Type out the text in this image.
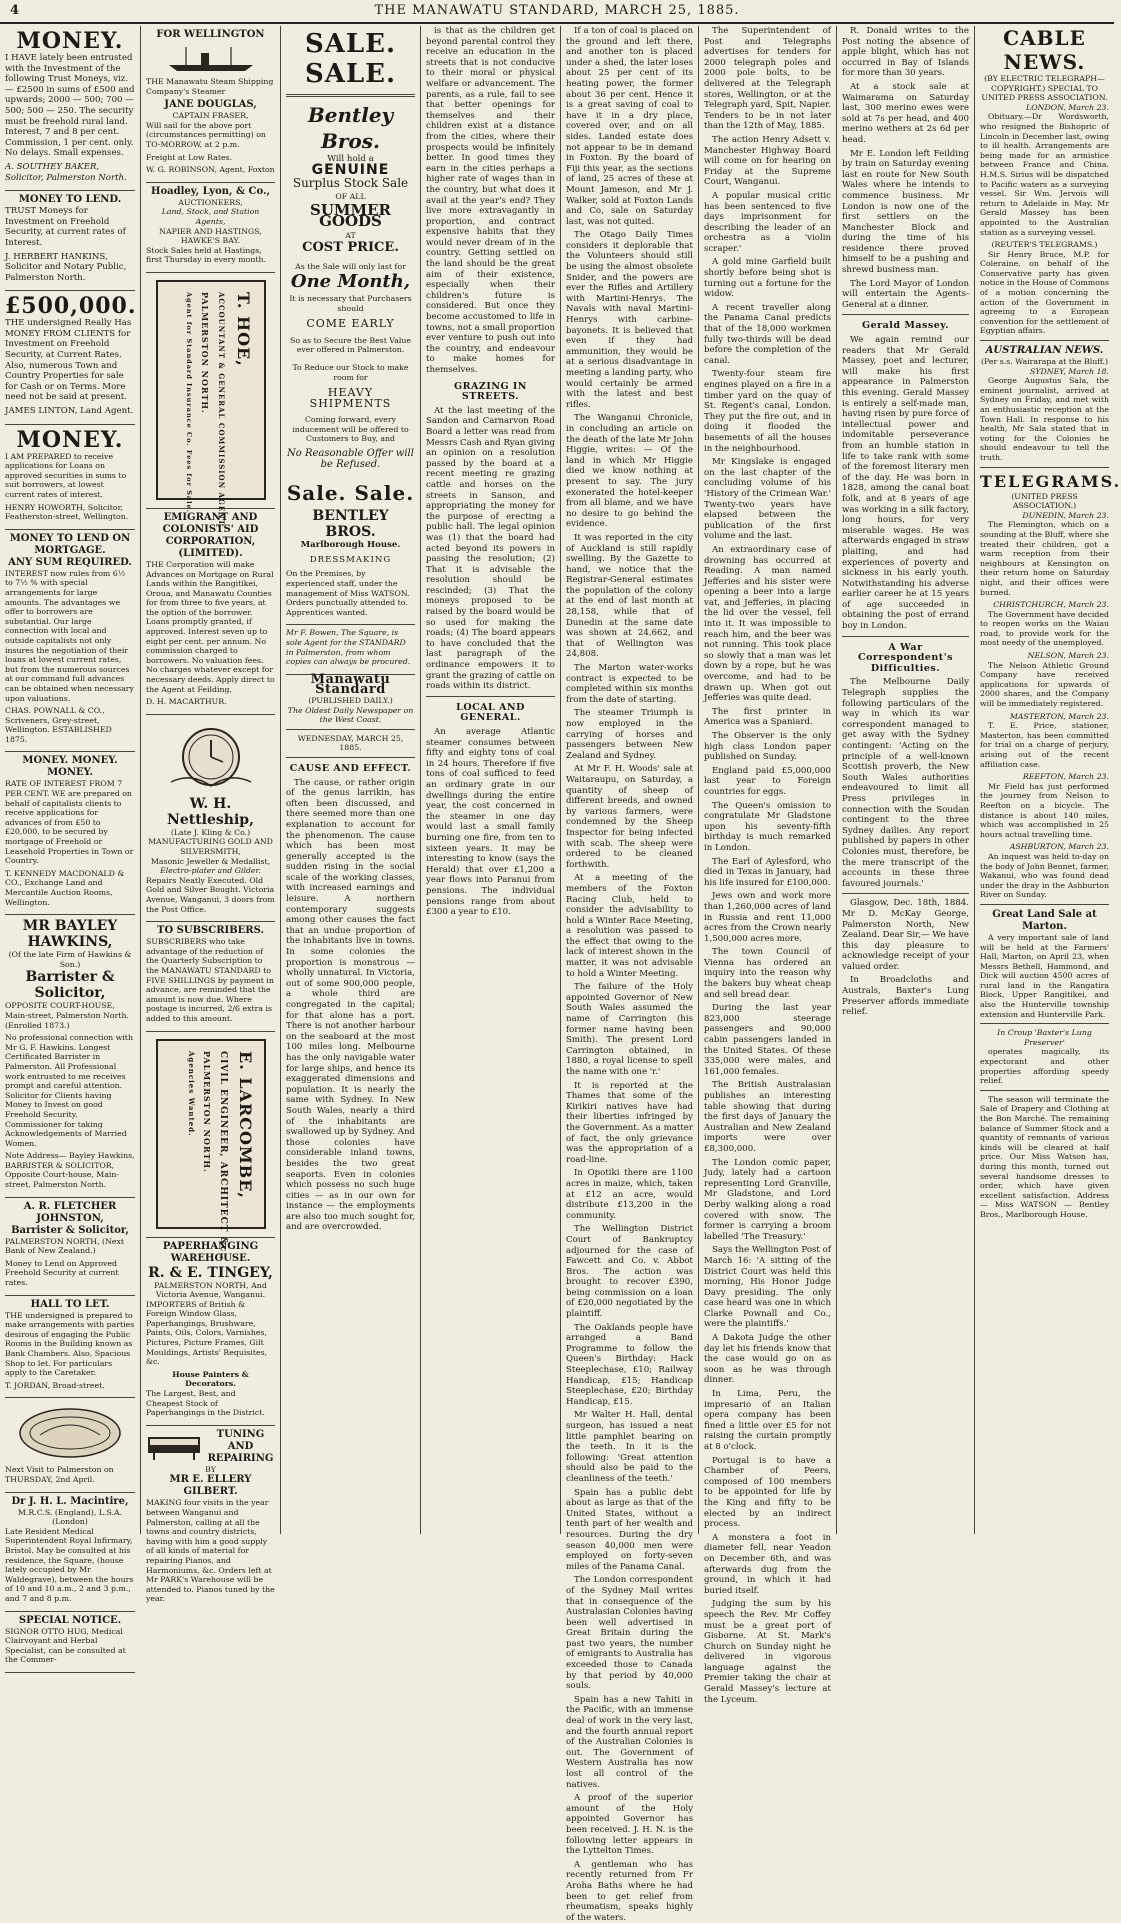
4	THE MANAWATU STANDARD, MARCH 25, 1885.
MONEY.

I HAVE lately been entrusted with the Investment of the following Trust Moneys, viz.— £2500 in sums of £500 and upwards; 2000 — 500; 700 — 500; 500 — 250. The security must be freehold rural land. Interest, 7 and 8 per cent. Commission, 1 per cent. only. No delays. Small expenses.

A. SOUTHEY BAKER, Solicitor, Palmerston North.

MONEY TO LEND.

TRUST Moneys for Investment on Freehold Security, at current rates of Interest.

J. HERBERT HANKINS, Solicitor and Notary Public, Palmerston North.

£500,000.

THE undersigned Really Has MONEY FROM CLIENTS for Investment on Freehold Security, at Current Rates. Also, numerous Town and Country Properties for sale for Cash or on Terms. More need not be said at present.

JAMES LINTON, Land Agent.

MONEY.

I AM PREPARED to receive applications for Loans on approved securities in sums to suit borrowers, at lowest current rates of interest.

HENRY HOWORTH, Solicitor, Featherston-street, Wellington.

MONEY TO LEND ON MORTGAGE.
ANY SUM REQUIRED.

INTEREST now rules from 6½ to 7½ % with special arrangements for large amounts. The advantages we offer to borrowers are substantial. Our large connection with local and outside capitalists not only insures the negotiation of their loans at lowest current rates, but from the numerous sources at our command full advances can be obtained when necessary upon valuations.

CHAS. POWNALL & CO., Scriveners, Grey-street, Wellington. ESTABLISHED 1875.

MONEY. MONEY. MONEY.

RATE OF INTEREST FROM 7 PER CENT. WE are prepared on behalf of capitalists clients to receive applications for advances of from £50 to £20,000, to be secured by mortgage of Freehold or Leasehold Properties in Town or Country.

T. KENNEDY MACDONALD & CO., Exchange Land and Mercantile Auction Rooms, Wellington.

MR BAYLEY HAWKINS,
(Of the late Firm of Hawkins & Son.)
Barrister & Solicitor,

OPPOSITE COURT-HOUSE, Main-street, Palmerston North. (Enrolled 1873.)

No professional connection with Mr G. F. Hawkins. Longest Certificated Barrister in Palmerston. All Professional work entrusted to me receives prompt and careful attention. Solicitor for Clients having Money to Invest on good Freehold Security. Commissioner for taking Acknowledgements of Married Women.

Note Address— Bayley Hawkins, BARRISTER & SOLICITOR, Opposite Court-house, Main-street, Palmerston North.

A. R. FLETCHER JOHNSTON,
Barrister & Solicitor,

PALMERSTON NORTH, (Next Bank of New Zealand.)

Money to Lend on Approved Freehold Security at current rates.

HALL TO LET.

THE undersigned is prepared to make arrangements with parties desirous of engaging the Public Rooms in the Building known as Bank Chambers. Also, Spacious Shop to let. For particulars apply to the Caretaker.

T. JORDAN, Broad-street.

Next Visit to Palmerston on THURSDAY, 2nd April.

Dr J. H. L. Macintire,
M.R.C.S. (England), L.S.A. (London)

Late Resident Medical Superintendent Royal Infirmary, Bristol. May be consulted at his residence, the Square, (house lately occupied by Mr Waldegrave), between the hours of 10 and 10 a.m., 2 and 3 p.m., and 7 and 8 p.m.

SPECIAL NOTICE.

SIGNOR OTTO HUG, Medical Clairvoyant and Herbal Specialist, can be consulted at the Commer-

FOR WELLINGTON

THE Manawatu Steam Shipping Company's Steamer

JANE DOUGLAS,
CAPTAIN FRASER,

Will sail for the above port (circumstances permitting) on TO-MORROW, at 2 p.m.

Freight at Low Rates.

W. G. ROBINSON, Agent, Foxton

Hoadley, Lyon, & Co.,
AUCTIONEERS,
Land, Stock, and Station Agents,
NAPIER AND HASTINGS, HAWKE'S BAY.

Stock Sales held at Hastings, first Thursday in every month.

T. HOE,
ACCOUNTANT & GENERAL COMMISSION AGENT,
PALMERSTON NORTH.
Agent for Standard Insurance Co. Fees for Sale.
EMIGRANT AND COLONISTS' AID CORPORATION, (LIMITED).

THE Corporation will make Advances on Mortgage on Rural Lands within the Rangitikei, Oroua, and Manawatu Counties for from three to five years, at the option of the borrower. Loans promptly granted, if approved. Interest seven up to eight per cent. per annum. No commission charged to borrowers. No valuation fees. No charges whatever except for necessary deeds. Apply direct to the Agent at Feilding,

D. H. MACARTHUR.

W. H. Nettleship,
(Late J. Kling & Co.)
MANUFACTURING GOLD AND SILVERSMITH,
Masonic Jeweller & Medallist,
Electro-plater and Gilder.

Repairs Neatly Executed. Old Gold and Silver Bought. Victoria Avenue, Wanganui, 3 doors from the Post Office.

TO SUBSCRIBERS.

SUBSCRIBERS who take advantage of the reduction of the Quarterly Subscription to the MANAWATU STANDARD to FIVE SHILLINGS by payment in advance, are reminded that the amount is now due. Where postage is incurred, 2/6 extra is added to this amount.

E. LARCOMBE,
CIVIL ENGINEER, ARCHITECT &c.,
PALMERSTON NORTH.
Agencies Wanted.
PAPERHANGING
WAREHOUSE.
R. & E. TINGEY,
PALMERSTON NORTH, And Victoria Avenue, Wanganui.

IMPORTERS of British & Foreign Window Glass, Paperhangings, Brushware, Paints, Oils, Colors, Varnishes, Pictures, Picture Frames, Gilt Mouldings, Artists' Requisites, &c.

House Painters & Decorators.

The Largest, Best, and Cheapest Stock of Paperhangings in the District.

TUNING AND REPAIRING
BY
MR E. ELLERY GILBERT.

MAKING four visits in the year between Wanganui and Palmerston, calling at all the towns and country districts, having with him a good supply of all kinds of material for repairing Pianos, and Harmoniums, &c. Orders left at Mr PARK's Warehouse will be attended to. Pianos tuned by the year.

SALE. SALE.
Bentley Bros.
Will hold a
GENUINE
Surplus Stock Sale
OF ALL
SUMMER GOODS
AT
COST PRICE.
As the Sale will only last for
One Month,
It is necessary that Purchasers should
COME EARLY
So as to Secure the Best Value ever offered in Palmerston.
To Reduce our Stock to make room for
HEAVY SHIPMENTS
Coming forward, every inducement will be offered to Customers to Buy, and
No Reasonable Offer will be Refused.
Sale. Sale.
BENTLEY BROS.
Marlborough House.
DRESSMAKING

On the Premises, by experienced staff, under the management of Miss WATSON. Orders punctually attended to. Apprentices wanted.

Mr F. Bowen, The Square, is sole Agent for the STANDARD in Palmerston, from whom copies can always be procured.

Manawatu Standard
(PUBLISHED DAILY.)
The Oldest Daily Newspaper on the West Coast.
WEDNESDAY, MARCH 25, 1885.
CAUSE AND EFFECT.

The cause, or rather origin of the genus larrikin, has often been discussed, and there seemed more than one explanation to account for the phenomenon. The cause which has been most generally accepted is the sudden rising in the social scale of the working classes, with increased earnings and leisure. A northern contemporary suggests among other causes the fact that an undue proportion of the inhabitants live in towns. In some colonies the proportion is monstrous — wholly unnatural. In Victoria, out of some 900,000 people, a whole third are congregated in the capital; for that alone has a port. There is not another harbour on the seaboard at the most 100 miles long. Melbourne has the only navigable water for large ships, and hence its exaggerated dimensions and population. It is nearly the same with Sydney. In New South Wales, nearly a third of the inhabitants are swallowed up by Sydney. And those colonies have considerable inland towns, besides the two great seaports. Even in colonies which possess no such huge cities — as in our own for instance — the employments are also too much sought for, and are overcrowded.

is that as the children get beyond parental control they receive an education in the streets that is not conducive to their moral or physical welfare or advancement. The parents, as a rule, fail to see that better openings for themselves and their children exist at a distance from the cities, where their prospects would be infinitely better. In good times they earn in the cities perhaps a higher rate of wages than in the country, but what does it avail at the year's end? They live more extravagantly in proportion, and contract expensive habits that they would never dream of in the country. Getting settled on the land should be the great aim of their existence, especially when their children's future is considered. But once they become accustomed to life in towns, not a small proportion ever venture to push out into the country, and endeavour to make homes for themselves.

GRAZING IN STREETS.

At the last meeting of the Sandon and Carnarvon Road Board a letter was read from Messrs Cash and Ryan giving an opinion on a resolution passed by the board at a recent meeting re grazing cattle and horses on the streets in Sanson, and appropriating the money for the purpose of erecting a public hall. The legal opinion was (1) that the board had acted beyond its powers in passing the resolution; (2) That it is advisable the resolution should be rescinded; (3) That the moneys proposed to be raised by the board would be so used for making the roads; (4) The board appears to have concluded that the last paragraph of the ordinance empowers it to grant the grazing of cattle on roads within its district.

LOCAL AND GENERAL.

An average Atlantic steamer consumes between fifty and eighty tons of coal in 24 hours. Therefore if five tons of coal sufficed to feed an ordinary grate in our dwellings during the entire year, the cost concerned in the steamer in one day would last a small family burning one fire, from ten to sixteen years. It may be interesting to know (says the Herald) that over £1,200 a year flows into Paranui from pensions. The individual pensions range from about £300 a year to £10.

If a ton of coal is placed on the ground and left there, and another ton is placed under a shed, the later loses about 25 per cent of its heating power, the former about 36 per cent. Hence it is a great saving of coal to have it in a dry place, covered over, and on all sides. Landed estate does not appear to be in demand in Foxton. By the board of Fiji this year, as the sections of land, 25 acres of these at Mount Jameson, and Mr J. Walker, sold at Foxton Lands and Co, sale on Saturday last, was not quited.

The Otago Daily Times considers it deplorable that the Volunteers should still be using the almost obsolete Snider, and the powers are ever the Rifles and Artillery with Martini-Henrys. The Navals with naval Martini-Henrys with carbine-bayonets. It is believed that even if they had ammunition, they would be at a serious disadvantage in meeting a landing party, who would certainly be armed with the latest and best rifles.

The Wanganui Chronicle, in concluding an article on the death of the late Mr John Higgie, writes: — Of the land in which Mr Higgie died we know nothing at present to say. The jury exonerated the hotel-keeper from all blame, and we have no desire to go behind the evidence.

It was reported in the city of Auckland is still rapidly swelling. By the Gazette to hand, we notice that the Registrar-General estimates the population of the colony at the end of last month at 28,158, while that of Dunedin at the same date was shown at 24,662, and that of Wellington was 24,808.

The Marton water-works contract is expected to be completed within six months from the date of starting.

The steamer Triumph is now employed in the carrying of horses and passengers between New Zealand and Sydney.

At Mr F. H. Woods' sale at Waitaraupu, on Saturday, a quantity of sheep of different breeds, and owned by various farmers, were condemned by the Sheep Inspector for being infected with scab. The sheep were ordered to be cleaned forthwith.

At a meeting of the members of the Foxton Racing Club, held to consider the advisability to hold a Winter Race Meeting, a resolution was passed to the effect that owing to the lack of interest shown in the matter, it was not advisable to hold a Winter Meeting.

The failure of the Holy appointed Governor of New South Wales assumed the name of Carrington (his former name having been Smith). The present Lord Carrington obtained, in 1880, a royal license to spell the name with one 'r.'

It is reported at the Thames that some of the Kirikiri natives have had their liberties infringed by the Government. As a matter of fact, the only grievance was the appropriation of a road-line.

In Opotiki there are 1100 acres in maize, which, taken at £12 an acre, would distribute £13,200 in the community.

The Wellington District Court of Bankruptcy adjourned for the case of Fawcett and Co. v. Abbot Bros. The action was brought to recover £390, being commission on a loan of £20,000 negotiated by the plaintiff.

The Oaklands people have arranged a Band Programme to follow the Queen's Birthday: Hack Steeplechase, £10; Railway Handicap, £15; Handicap Steeplechase, £20; Birthday Handicap, £15.

Mr Walter H. Hall, dental surgeon, has issued a neat little pamphlet bearing on the teeth. In it is the following: 'Great attention should also be paid to the cleanliness of the teeth.'

Spain has a public debt about as large as that of the United States, without a tenth part of her wealth and resources. During the dry season 40,000 men were employed on forty-seven miles of the Panama Canal.

The London correspondent of the Sydney Mail writes that in consequence of the Australasian Colonies having been well advertised in Great Britain during the past two years, the number of emigrants to Australia has exceeded those to Canada by that period by 40,000 souls.

Spain has a new Tahiti in the Pacific, with an immense deal of work in the very last, and the fourth annual report of the Australian Colonies is out. The Government of Western Australia has now lost all control of the natives.

A proof of the superior amount of the Holy appointed Governor has been received. J. H. N. is the following letter appears in the Lyttelton Times.

A gentleman who has recently returned from Fr Aroha Baths where he had been to get relief from rheumatism, speaks highly of the waters.

The Superintendent of Post and Telegraphs advertises for tenders for 2000 telegraph poles and 2000 pole bolts, to be delivered at the Telegraph stores, Wellington, or at the Telegraph yard, Spit, Napier. Tenders to be in not later than the 12th of May, 1885.

The action Henry Adsett v. Manchester Highway Board will come on for hearing on Friday at the Supreme Court, Wanganui.

A popular musical critic has been sentenced to five days imprisonment for describing the leader of an orchestra as a 'violin scraper.'

A gold mine Garfield built shortly before being shot is turning out a fortune for the widow.

A recent traveller along the Panama Canal predicts that of the 18,000 workmen fully two-thirds will be dead before the completion of the canal.

Twenty-four steam fire engines played on a fire in a timber yard on the quay of St. Regent's canal, London. They put the fire out, and in doing it flooded the basements of all the houses in the neighbourhood.

Mr Kingslake is engaged on the last chapter of the concluding volume of his 'History of the Crimean War.' Twenty-two years have elapsed between the publication of the first volume and the last.

An extraordinary case of drowning has occurred at Reading. A man named Jefferies and his sister were opening a beer into a large vat, and Jefferies, in placing the lid over the vessel, fell into it. It was impossible to reach him, and the beer was not running. This took place so slowly that a man was let down by a rope, but he was overcome, and had to be drawn up. When got out Jefferies was quite dead.

The first printer in America was a Spaniard.

The Observer is the only high class London paper published on Sunday.

England paid £5,000,000 last year to Foreign countries for eggs.

The Queen's omission to congratulate Mr Gladstone upon his seventy-fifth birthday is much remarked in London.

The Earl of Aylesford, who died in Texas in January, had his life insured for £100,000.

Jews own and work more than 1,260,000 acres of land in Russia and rent 11,000 acres from the Crown nearly 1,500,000 acres more.

The town Council of Vienna has ordered an inquiry into the reason why the bakers buy wheat cheap and sell bread dear.

During the last year 823,000 steerage passengers and 90,000 cabin passengers landed in the United States. Of these 335,000 were males, and 161,000 females.

The British Australasian publishes an interesting table showing that during the first days of January the Australian and New Zealand imports were over £8,300,000.

The London comic paper, Judy, lately had a cartoon representing Lord Granville, Mr Gladstone, and Lord Derby walking along a road covered with snow. The former is carrying a broom labelled 'The Treasury.'

Says the Wellington Post of March 16: 'A sitting of the District Court was held this morning, His Honor Judge Davy presiding. The only case heard was one in which Clarke Pownall and Co., were the plaintiffs.'

A Dakota Judge the other day let his friends know that the case would go on as soon as he was through dinner.

In Lima, Peru, the impresario of an Italian opera company has been fined a little over £5 for not raising the curtain promptly at 8 o'clock.

Portugal is to have a Chamber of Peers, composed of 100 members to be appointed for life by the King and fifty to be elected by an indirect process.

A monstera a foot in diameter fell, near Yeadon on December 6th, and was afterwards dug from the ground, in which it had buried itself.

Judging the sum by his speech the Rev. Mr Coffey must be a great port of Gisborne. At St. Mark's Church on Sunday night he delivered in vigorous language against the Premier taking the chair at Gerald Massey's lecture at the Lyceum.

R. Donald writes to the Post noting the absence of apple blight, which has not occurred in Bay of Islands for more than 30 years.

At a stock sale at Waimarama on Saturday last, 300 merino ewes were sold at 7s per head, and 400 merino wethers at 2s 6d per head.

Mr E. London left Feilding by train on Saturday evening last en route for New South Wales where he intends to commence business. Mr London is now one of the first settlers on the Manchester Block and during the time of his residence there proved himself to be a pushing and shrewd business man.

The Lord Mayor of London will entertain the Agents-General at a dinner.

Gerald Massey.

We again remind our readers that Mr Gerald Massey, poet and lecturer, will make his first appearance in Palmerston this evening. Gerald Massey is entirely a self-made man, having risen by pure force of intellectual power and indomitable perseverance from an humble station in life to take rank with some of the foremost literary men of the day. He was born in 1828, among the canal boat folk, and at 8 years of age was working in a silk factory, long hours, for very miserable wages. He was afterwards engaged in straw plaiting, and had experiences of poverty and sickness in his early youth. Notwithstanding his adverse earlier career he at 15 years of age succeeded in obtaining the post of errand boy in London.

A War Correspondent's Difficulties.

The Melbourne Daily Telegraph supplies the following particulars of the way in which its war correspondent managed to get away with the Sydney contingent: 'Acting on the principle of a well-known Scottish proverb, the New South Wales authorities endeavoured to limit all Press privileges in connection with the Soudan contingent to the three Sydney dailies. Any report published by papers in other Colonies must, therefore, be the mere transcript of the accounts in these three favoured journals.'

Glasgow, Dec. 18th, 1884. Mr D. McKay George, Palmerston North, New Zealand. Dear Sir,— We have this day pleasure to acknowledge receipt of your valued order.

In Broadcloths and Australs, Baxter's Lung Preserver affords immediate relief.

CABLE NEWS.
(BY ELECTRIC TELEGRAPH—COPYRIGHT.) SPECIAL TO UNITED PRESS ASSOCIATION.
LONDON, March 23.

Obituary.—Dr Wordsworth, who resigned the Bishopric of Lincoln in December last, owing to ill health. Arrangements are being made for an armistice between France and China. H.M.S. Sirius will be dispatched to Pacific waters as a surveying vessel. Sir Wm. Jervois will return to Adelaide in May. Mr Gerald Massey has been appointed to the Australian station as a surveying vessel.

(REUTER'S TELEGRAMS.)

Sir Henry Bruce, M.P. for Coleraine, on behalf of the Conservative party has given notice in the House of Commons of a motion concerning the action of the Government in agreeing to a European convention for the settlement of Egyptian affairs.

AUSTRALIAN NEWS.
(Per s.s. Wairarapa at the Bluff.)
SYDNEY, March 18.

George Augustus Sala, the eminent journalist, arrived at Sydney on Friday, and met with an enthusiastic reception at the Town Hall. In response to his health, Mr Sala stated that in voting for the Colonies he should endeavour to tell the truth.

TELEGRAMS.
(UNITED PRESS ASSOCIATION.)
DUNEDIN, March 23.

The Flemington, which on a sounding at the Bluff, where she treated their children, got a warm reception from their neighbours at Kensington on their return home on Saturday night, and their offices were burned.

CHRISTCHURCH, March 23.

The Government have decided to reopen works on the Waiau road, to provide work for the most needy of the unemployed.

NELSON, March 23.

The Nelson Athletic Ground Company have received applications for upwards of 2000 shares, and the Company will be immediately registered.

MASTERTON, March 23.

T. E. Price, stationer, Masterton, has been committed for trial on a charge of perjury, arising out of the recent affiliation case.

REEFTON, March 23.

Mr Field has just performed the journey from Nelson to Reefton on a bicycle. The distance is about 140 miles, which was accomplished in 25 hours actual travelling time.

ASHBURTON, March 23.

An inquest was held to-day on the body of John Bennet, farmer, Wakanui, who was found dead under the dray in the Ashburton River on Sunday.

Great Land Sale at Marton.

A very important sale of land will be held at the Farmers' Hall, Marton, on April 23, when Messrs Bethell, Hammond, and Dick will auction 4500 acres of rural land in the Rangatira Block, Upper Rangitikei, and also the Hunterville township extension and Hunterville Park.

In Croup 'Baxter's Lung Preserver'

operates magically, its expectorant and other properties affording speedy relief.

The season will terminate the Sale of Drapery and Clothing at the Bon Marché. The remaining balance of Summer Stock and a quantity of remnants of various kinds will be cleared at half price. Our Miss Watson has, during this month, turned out several handsome dresses to order, which have given excellent satisfaction. Address — Miss WATSON — Bentley Bros., Marlborough House.
